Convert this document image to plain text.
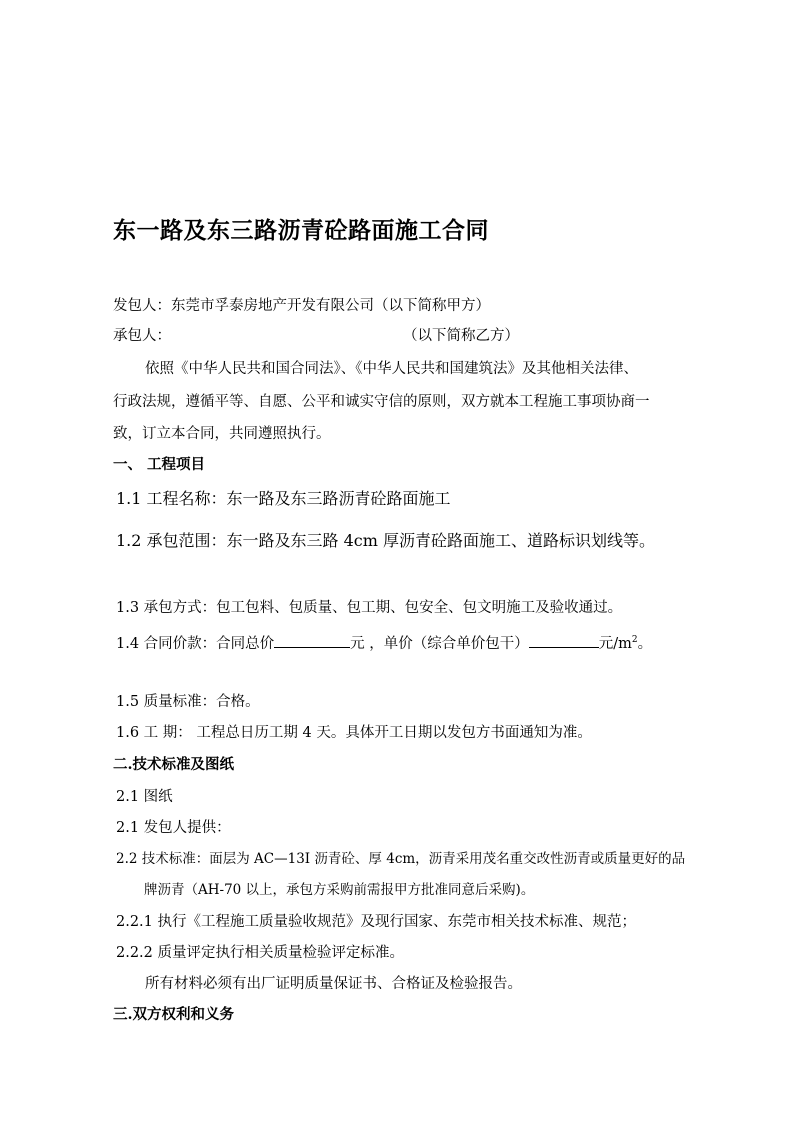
东一路及东三路沥青砼路面施工合同
发包人：东莞市孚泰房地产开发有限公司（以下简称甲方）
承包人：	（以下简称乙方）
依照《中华人民共和国合同法》、《中华人民共和国建筑法》及其他相关法律、
行政法规，遵循平等、自愿、公平和诚实守信的原则，双方就本工程施工事项协商一
致，订立本合同，共同遵照执行。
一、 工程项目
1.1 工程名称：东一路及东三路沥青砼路面施工
1.2 承包范围：东一路及东三路 4cm 厚沥青砼路面施工、道路标识划线等。
1.3 承包方式：包工包料、包质量、包工期、包安全、包文明施工及验收通过。
1.4 合同价款：合同总价	元 ，单价（综合单价包干）	元$/m^2$。
1.5 质量标准：合格。
1.6 工 期： 工程总日历工期 4 天。具体开工日期以发包方书面通知为准。
二.技术标准及图纸
2.1 图纸
2.1 发包人提供：
2.2 技术标准：面层为 AC—13I 沥青砼、厚 4cm，沥青采用茂名重交改性沥青或质量更好的品
牌沥青（AH-70 以上，承包方采购前需报甲方批准同意后采购)。
2.2.1 执行《工程施工质量验收规范》及现行国家、东莞市相关技术标准、规范；
2.2.2 质量评定执行相关质量检验评定标准。
所有材料必须有出厂证明质量保证书、合格证及检验报告。
三.双方权利和义务
